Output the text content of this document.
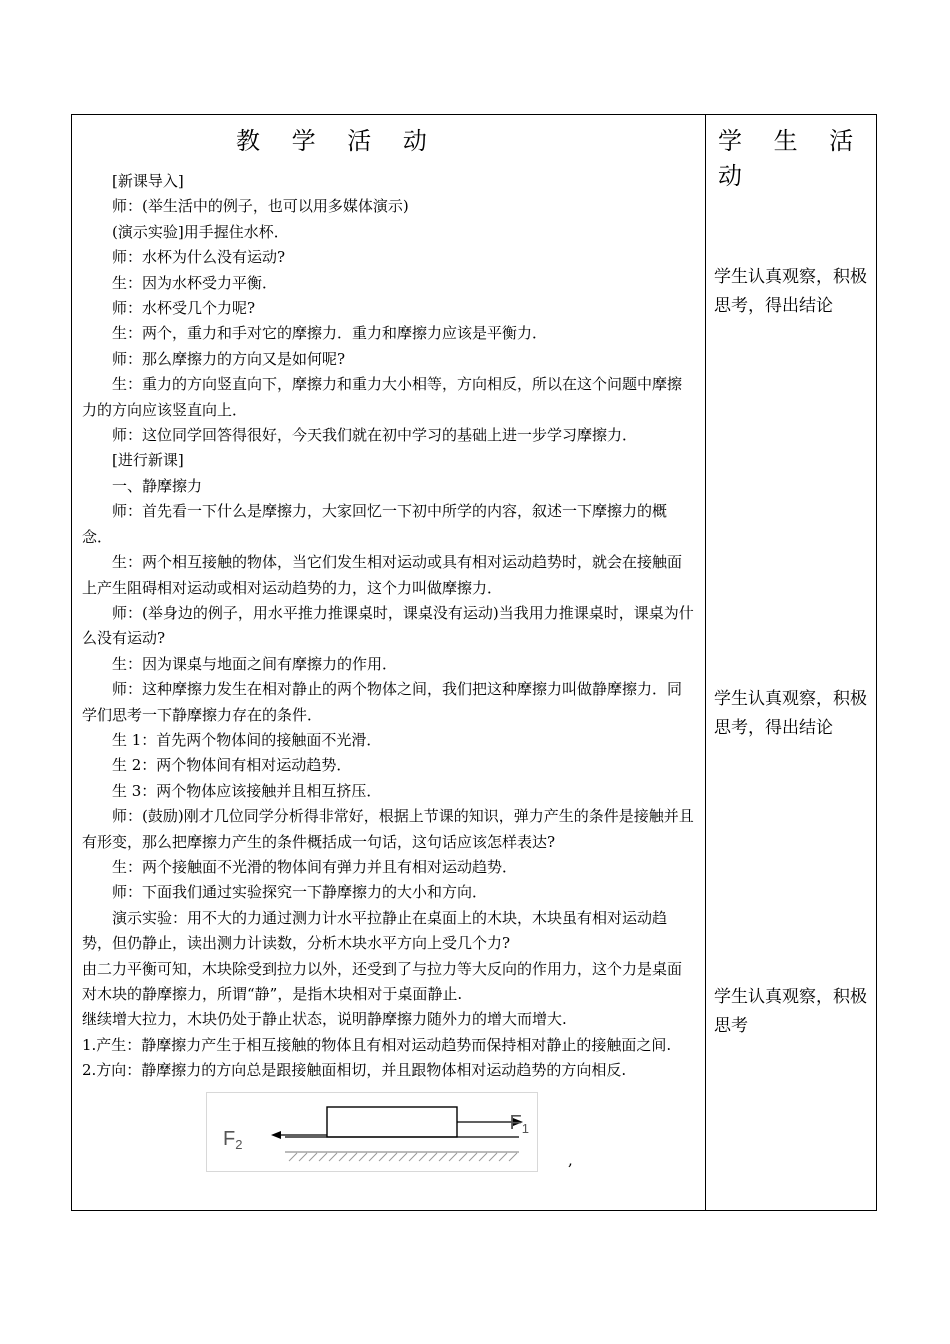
教 学 活 动	学 生 活 动

[新课导入]

师：(举生活中的例子，也可以用多媒体演示)

(演示实验]用手握住水杯．

师：水杯为什么没有运动?

生：因为水杯受力平衡．

师：水杯受几个力呢?

生：两个，重力和手对它的摩擦力．重力和摩擦力应该是平衡力．

师：那么摩擦力的方向又是如何呢?

生：重力的方向竖直向下，摩擦力和重力大小相等，方向相反，所以在这个问题中摩擦力的方向应该竖直向上．

师：这位同学回答得很好，今天我们就在初中学习的基础上进一步学习摩擦力．

[进行新课]

一、静摩擦力

师：首先看一下什么是摩擦力，大家回忆一下初中所学的内容，叙述一下摩擦力的概念．

生：两个相互接触的物体，当它们发生相对运动或具有相对运动趋势时，就会在接触面上产生阻碍相对运动或相对运动趋势的力，这个力叫做摩擦力．

师：(举身边的例子，用水平推力推课桌时，课桌没有运动)当我用力推课桌时，课桌为什么没有运动?

生：因为课桌与地面之间有摩擦力的作用．

师：这种摩擦力发生在相对静止的两个物体之间，我们把这种摩擦力叫做静摩擦力．同学们思考一下静摩擦力存在的条件．

生 1：首先两个物体间的接触面不光滑．

生 2：两个物体间有相对运动趋势．

生 3：两个物体应该接触并且相互挤压．

师：(鼓励)刚才几位同学分析得非常好，根据上节课的知识，弹力产生的条件是接触并且有形变，那么把摩擦力产生的条件概括成一句话，这句话应该怎样表达?

生：两个接触面不光滑的物体间有弹力并且有相对运动趋势．

师：下面我们通过实验探究一下静摩擦力的大小和方向．

演示实验：用不大的力通过测力计水平拉静止在桌面上的木块，木块虽有相对运动趋势，但仍静止，读出测力计读数，分析木块水平方向上受几个力?

由二力平衡可知，木块除受到拉力以外，还受到了与拉力等大反向的作用力，这个力是桌面对木块的静摩擦力，所谓“静”，是指木块相对于桌面静止.

继续增大拉力，木块仍处于静止状态，说明静摩擦力随外力的增大而增大.

1.产生：静摩擦力产生于相互接触的物体且有相对运动趋势而保持相对静止的接触面之间.

2.方向：静摩擦力的方向总是跟接触面相切，并且跟物体相对运动趋势的方向相反.

$F_1$
$F_2$
,
学生认真观察，积极思考，得出结论
学生认真观察，积极思考，得出结论
学生认真观察，积极思考
